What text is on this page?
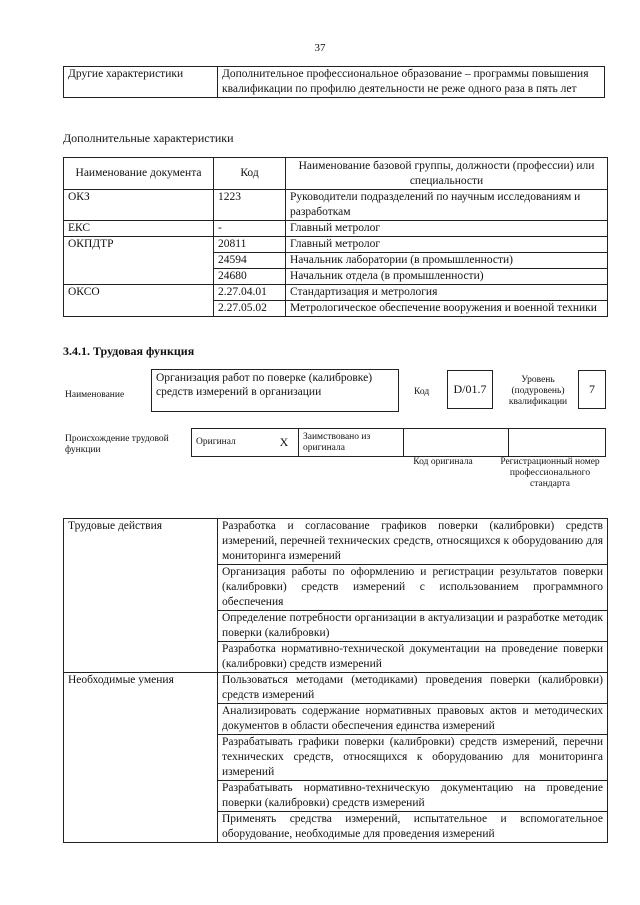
37
Другие характеристики	Дополнительное профессиональное образование – программы повышения квалификации по профилю деятельности не реже одного раза в пять лет
Дополнительные характеристики
Наименование документа	Код	Наименование базовой группы, должности (профессии) или специальности
ОКЗ	1223	Руководители подразделений по научным исследованиям и разработкам
ЕКС	-	Главный метролог
ОКПДТР	20811	Главный метролог
	24594	Начальник лаборатории (в промышленности)
	24680	Начальник отдела (в промышленности)
ОКСО	2.27.04.01	Стандартизация и метрология
	2.27.05.02	Метрологическое обеспечение вооружения и военной техники
3.4.1. Трудовая функция
Наименование
Организация работ по поверке (калибровке) средств измерений в организации	Код	D/01.7
Уровень (подуровень) квалификации
7
Происхождение трудовой функции
Оригинал	X	Заимствовано из оригинала		
Код оригинала	Регистрационный номер профессионального стандарта
Трудовые действия	Разработка и согласование графиков поверки (калибровки) средств измерений, перечней технических средств, относящихся к оборудованию для мониторинга измерений
	Организация работы по оформлению и регистрации результатов поверки (калибровки) средств измерений с использованием программного обеспечения
	Определение потребности организации в актуализации и разработке методик поверки (калибровки)
	Разработка нормативно-технической документации на проведение поверки (калибровки) средств измерений
Необходимые умения	Пользоваться методами (методиками) проведения поверки (калибровки) средств измерений
	Анализировать содержание нормативных правовых актов и методических документов в области обеспечения единства измерений
	Разрабатывать графики поверки (калибровки) средств измерений, перечни технических средств, относящихся к оборудованию для мониторинга измерений
	Разрабатывать нормативно-техническую документацию на проведение поверки (калибровки) средств измерений
	Применять средства измерений, испытательное и вспомогательное оборудование, необходимые для проведения измерений
